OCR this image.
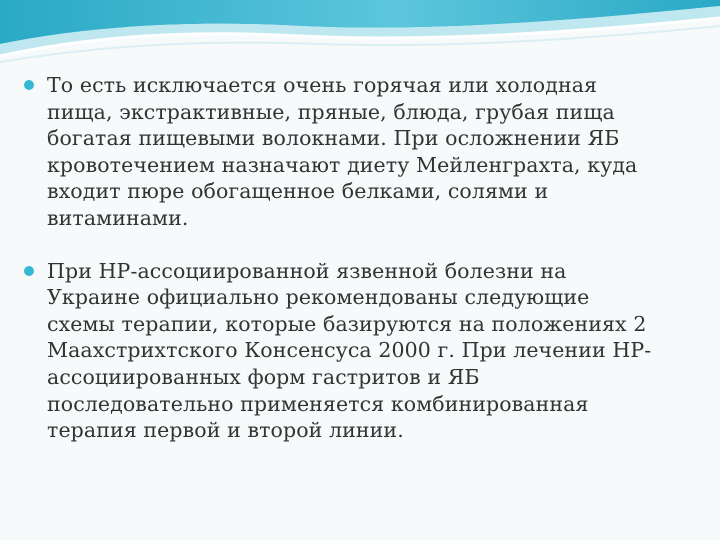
То есть исключается очень горячая или холодная
пища, экстрактивные, пряные, блюда, грубая пища
богатая пищевыми волокнами. При осложнении ЯБ
кровотечением назначают диету Мейленграхта, куда
входит пюре обогащенное белками, солями и
витаминами.
При НР-ассоциированной язвенной болезни на
Украине официально рекомендованы следующие
схемы терапии, которые базируются на положениях 2
Маахстрихтского Консенсуса 2000 г. При лечении НР-
ассоциированных форм гастритов и ЯБ
последовательно применяется комбинированная
терапия первой и второй линии.
